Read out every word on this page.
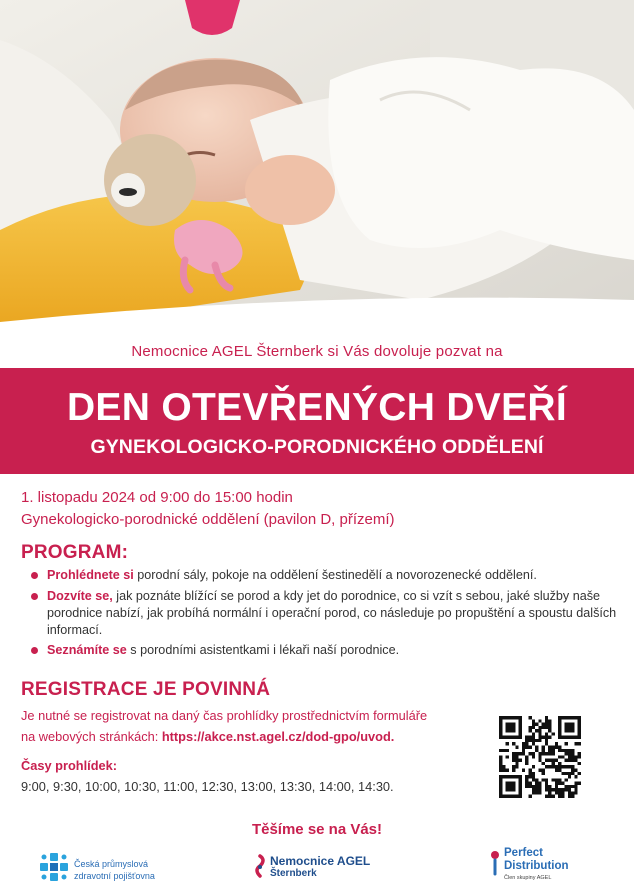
Nemocnice AGEL Šternberk si Vás dovoluje pozvat na
DEN OTEVŘENÝCH DVEŘÍ
GYNEKOLOGICKO-PORODNICKÉHO ODDĚLENÍ
1. listopadu 2024 od 9:00 do 15:00 hodin
Gynekologicko-porodnické oddělení (pavilon D, přízemí)
PROGRAM:
Prohlédnete si porodní sály, pokoje na oddělení šestinedělí a novorozenecké oddělení.
Dozvíte se, jak poznáte blížící se porod a kdy jet do porodnice, co si vzít s sebou, jaké služby naše porodnice nabízí, jak probíhá normální i operační porod, co následuje po propuštění a spoustu dalších informací.
Seznámíte se s porodními asistentkami i lékaři naší porodnice.
REGISTRACE JE POVINNÁ
Je nutné se registrovat na daný čas prohlídky prostřednictvím formuláře
na webových stránkách: https://akce.nst.agel.cz/dod-gpo/uvod.
Časy prohlídek:
9:00, 9:30, 10:00, 10:30, 11:00, 12:30, 13:00, 13:30, 14:00, 14:30.
Těšíme se na Vás!
Česká průmyslová
zdravotní pojišťovna
Nemocnice AGEL
Šternberk
Perfect
Distribution
Člen skupiny AGEL
